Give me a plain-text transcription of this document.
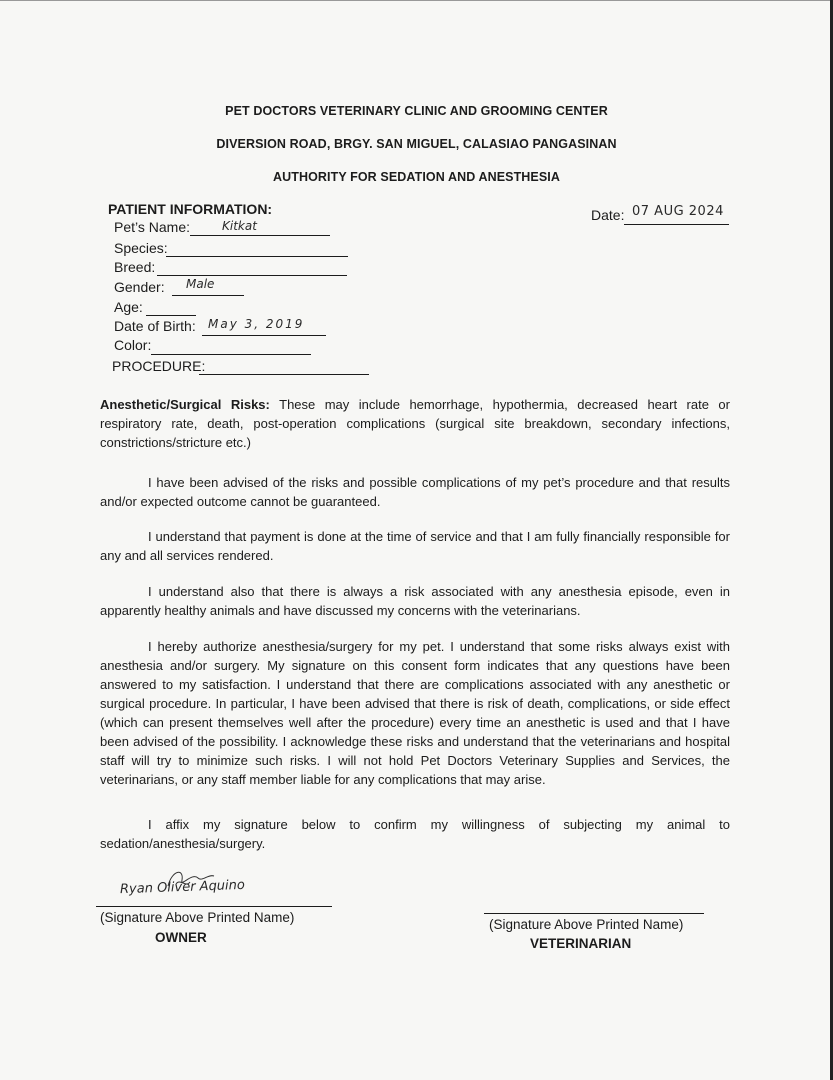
PET DOCTORS VETERINARY CLINIC AND GROOMING CENTER
DIVERSION ROAD, BRGY. SAN MIGUEL, CALASIAO PANGASINAN
AUTHORITY FOR SEDATION AND ANESTHESIA
PATIENT INFORMATION:
Pet’s Name:	Kitkat
Species:
Breed:
Gender: Male
Age:
Date of Birth: May 3, 2019
Color:
PROCEDURE:
Date: 07 AUG 2024
Anesthetic/Surgical Risks: These may include hemorrhage, hypothermia, decreased heart rate or respiratory rate, death, post-operation complications (surgical site breakdown, secondary infections, constrictions/stricture etc.)
I have been advised of the risks and possible complications of my pet’s procedure and that results and/or expected outcome cannot be guaranteed.
I understand that payment is done at the time of service and that I am fully financially responsible for any and all services rendered.
I understand also that there is always a risk associated with any anesthesia episode, even in apparently healthy animals and have discussed my concerns with the veterinarians.
I hereby authorize anesthesia/surgery for my pet. I understand that some risks always exist with anesthesia and/or surgery. My signature on this consent form indicates that any questions have been answered to my satisfaction. I understand that there are complications associated with any anesthetic or surgical procedure. In particular, I have been advised that there is risk of death, complications, or side effect (which can present themselves well after the procedure) every time an anesthetic is used and that I have been advised of the possibility. I acknowledge these risks and understand that the veterinarians and hospital staff will try to minimize such risks. I will not hold Pet Doctors Veterinary Supplies and Services, the veterinarians, or any staff member liable for any complications that may arise.
I affix my signature below to confirm my willingness of subjecting my animal to sedation/anesthesia/surgery.
Ryan Oliver Aquino
(Signature Above Printed Name)
OWNER
(Signature Above Printed Name)
VETERINARIAN
